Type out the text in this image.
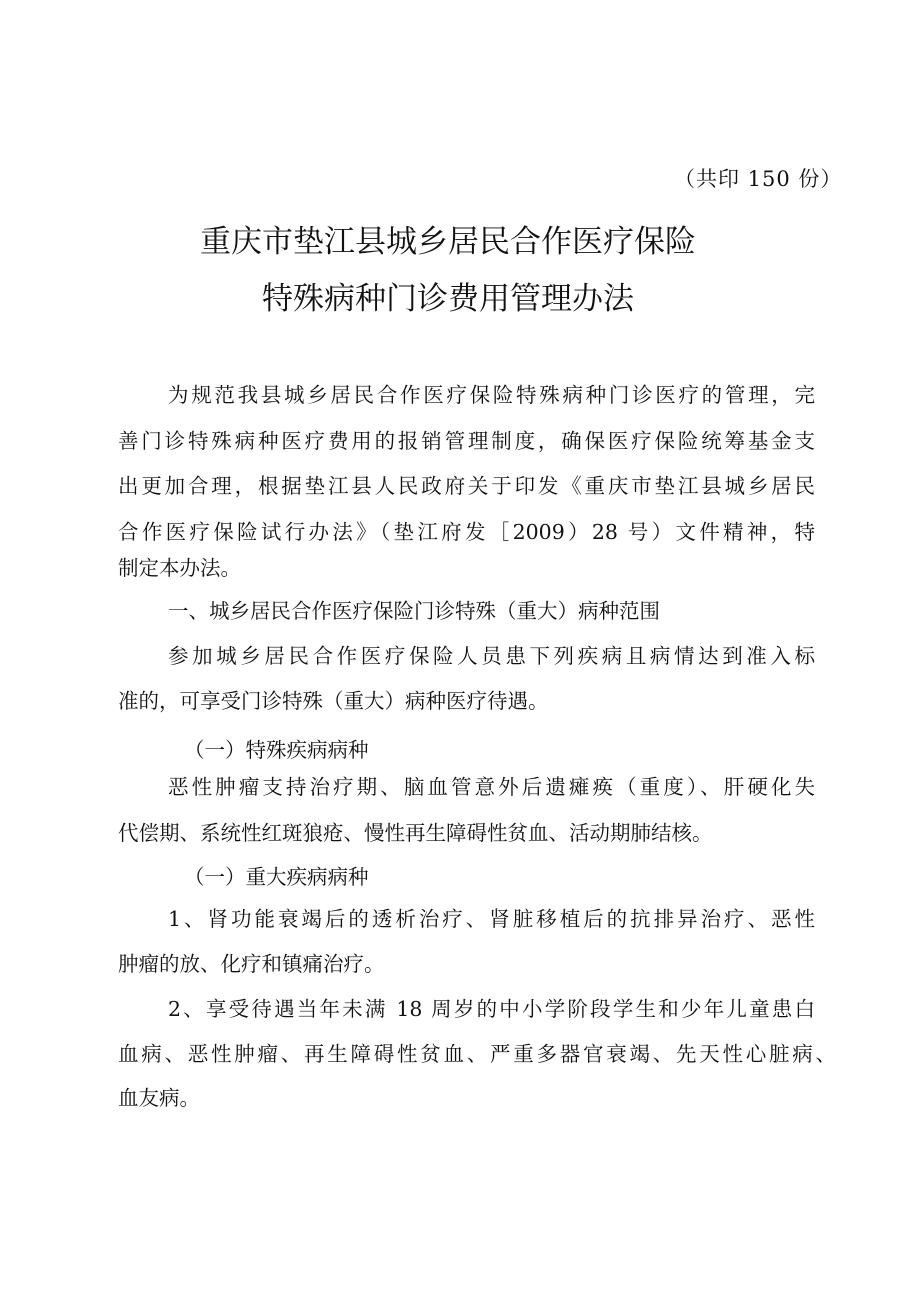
（共印 150 份）
重庆市垫江县城乡居民合作医疗保险
特殊病种门诊费用管理办法
为规范我县城乡居民合作医疗保险特殊病种门诊医疗的管理，完
善门诊特殊病种医疗费用的报销管理制度，确保医疗保险统筹基金支
出更加合理，根据垫江县人民政府关于印发《重庆市垫江县城乡居民
合作医疗保险试行办法》（垫江府发［2009）28 号）文件精神，特
制定本办法。
一、城乡居民合作医疗保险门诊特殊（重大）病种范围
参加城乡居民合作医疗保险人员患下列疾病且病情达到准入标
准的，可享受门诊特殊（重大）病种医疗待遇。
（一）特殊疾病病种
恶性肿瘤支持治疗期、脑血管意外后遗瘫痪（重度）、肝硬化失
代偿期、系统性红斑狼疮、慢性再生障碍性贫血、活动期肺结核。
（一）重大疾病病种
1、肾功能衰竭后的透析治疗、肾脏移植后的抗排异治疗、恶性
肿瘤的放、化疗和镇痛治疗。
2、享受待遇当年未满 18 周岁的中小学阶段学生和少年儿童患白
血病、恶性肿瘤、再生障碍性贫血、严重多器官衰竭、先天性心脏病、
血友病。
